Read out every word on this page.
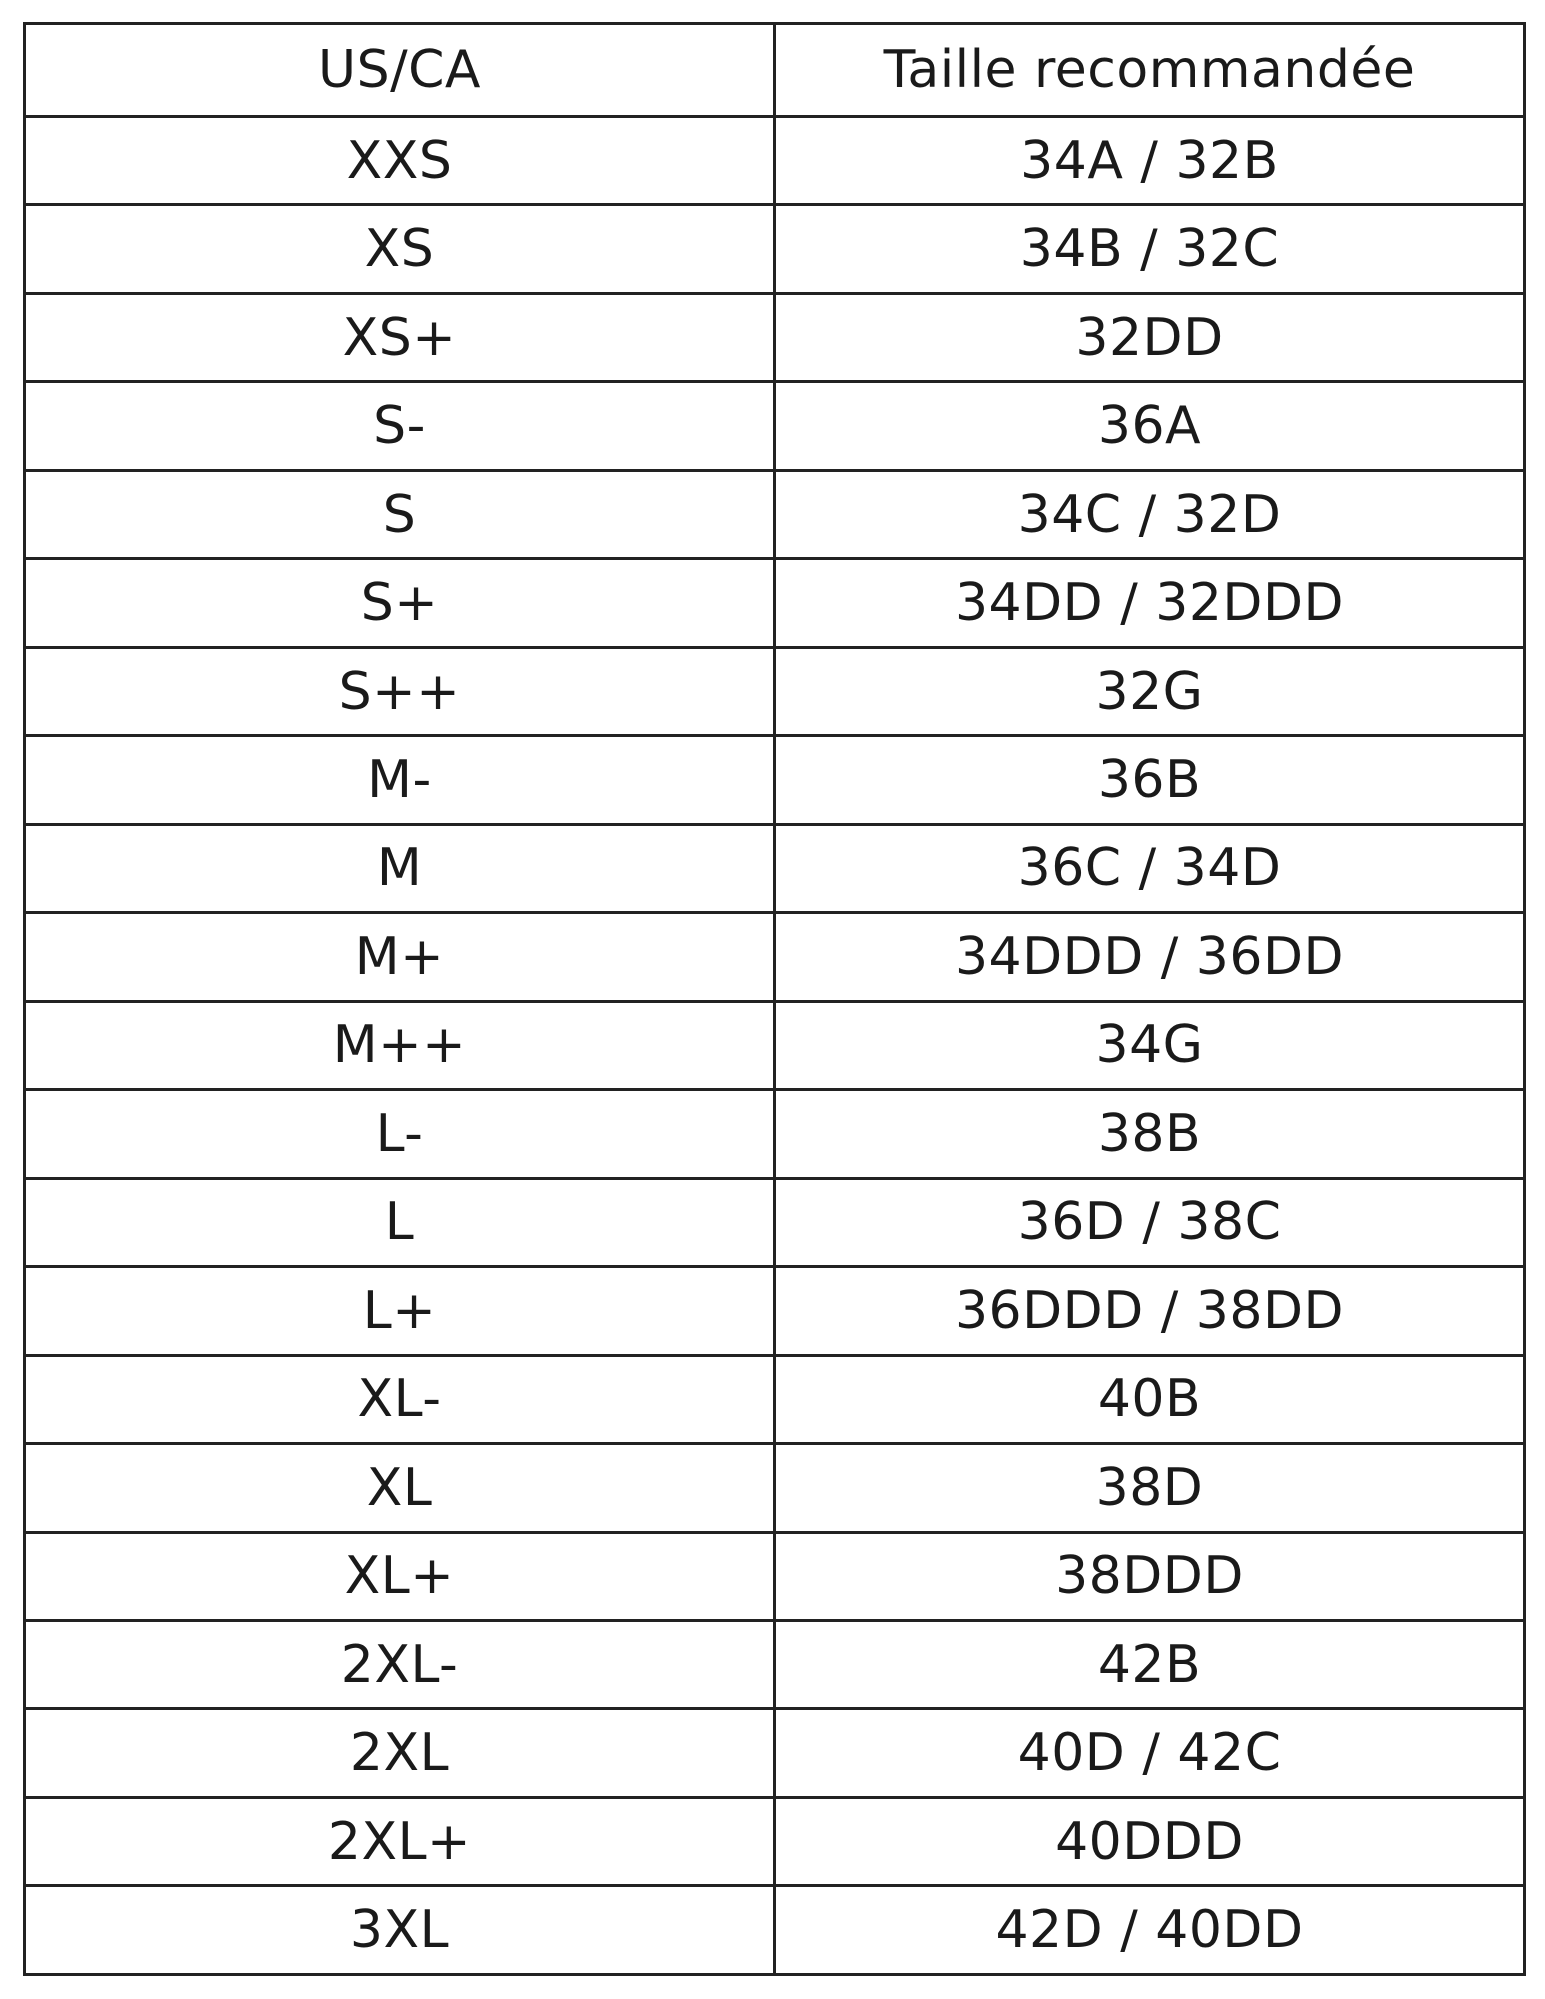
US/CA	Taille recommandée
XXS	34A / 32B
XS	34B / 32C
XS+	32DD
S-	36A
S	34C / 32D
S+	34DD / 32DDD
S++	32G
M-	36B
M	36C / 34D
M+	34DDD / 36DD
M++	34G
L-	38B
L	36D / 38C
L+	36DDD / 38DD
XL-	40B
XL	38D
XL+	38DDD
2XL-	42B
2XL	40D / 42C
2XL+	40DDD
3XL	42D / 40DD
